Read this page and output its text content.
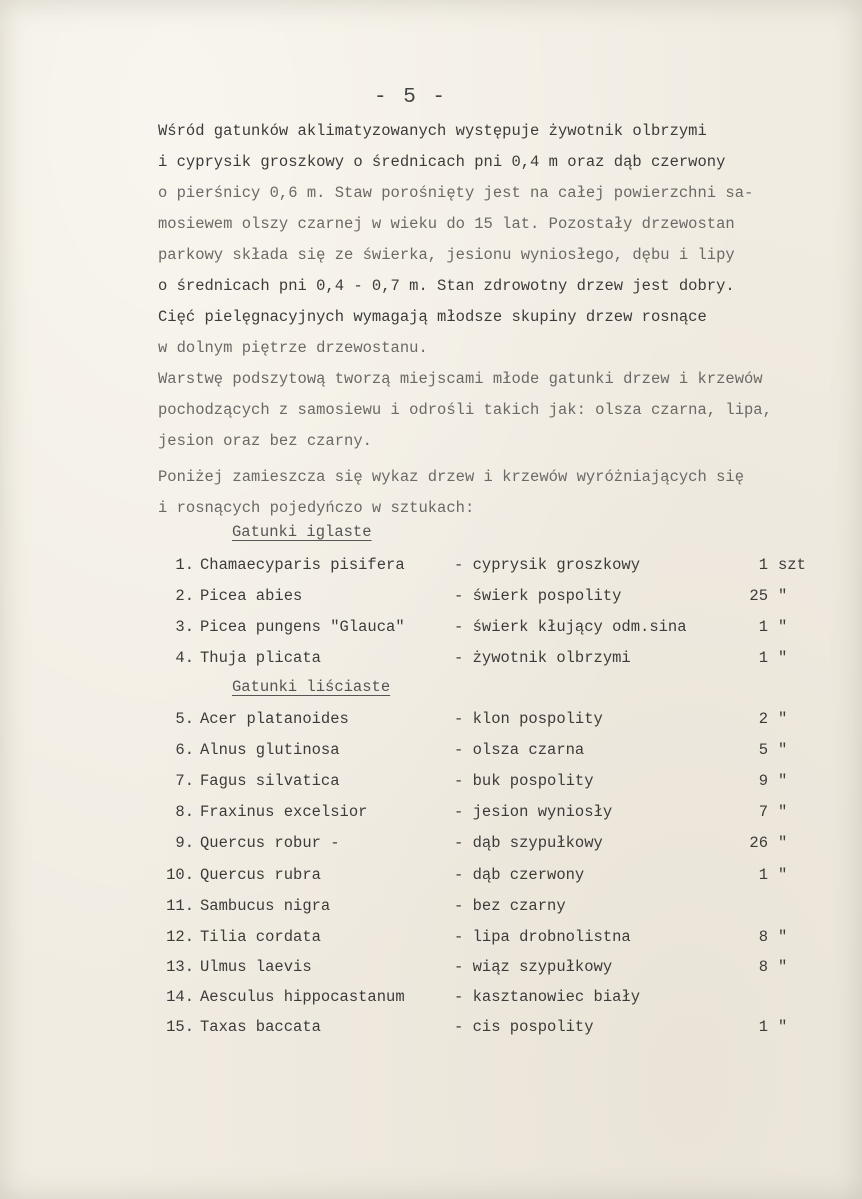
- 5 -
Wśród gatunków aklimatyzowanych występuje żywotnik olbrzymi
i cyprysik groszkowy o średnicach pni 0,4 m oraz dąb czerwony
o pierśnicy 0,6 m. Staw porośnięty jest na całej powierzchni sa-
mosiewem olszy czarnej w wieku do 15 lat. Pozostały drzewostan
parkowy składa się ze świerka, jesionu wyniosłego, dębu i lipy
o średnicach pni 0,4 - 0,7 m. Stan zdrowotny drzew jest dobry.
Cięć pielęgnacyjnych wymagają młodsze skupiny drzew rosnące
w dolnym piętrze drzewostanu.
Warstwę podszytową tworzą miejscami młode gatunki drzew i krzewów
pochodzących z samosiewu i odrośli takich jak: olsza czarna, lipa,
jesion oraz bez czarny.
Poniżej zamieszcza się wykaz drzew i krzewów wyróżniających się
i rosnących pojedyńczo w sztukach:
Gatunki iglaste
1. Chamaecyparis pisifera	- cyprysik groszkowy	1 szt
2. Picea abies	- świerk pospolity	25 "
3. Picea pungens "Glauca"	- świerk kłujący odm.sina	1 "
4. Thuja plicata	- żywotnik olbrzymi	1 "
Gatunki liściaste
5. Acer platanoides	- klon pospolity	2 "
6. Alnus glutinosa	- olsza czarna	5 "
7. Fagus silvatica	- buk pospolity	9 "
8. Fraxinus excelsior	- jesion wyniosły	7 "
9. Quercus robur -	- dąb szypułkowy	26 "
10. Quercus rubra	- dąb czerwony	1 "
11. Sambucus nigra	- bez czarny
12. Tilia cordata	- lipa drobnolistna	8 "
13. Ulmus laevis	- wiąz szypułkowy	8 "
14. Aesculus hippocastanum	- kasztanowiec biały
15. Taxas baccata	- cis pospolity	1 "
